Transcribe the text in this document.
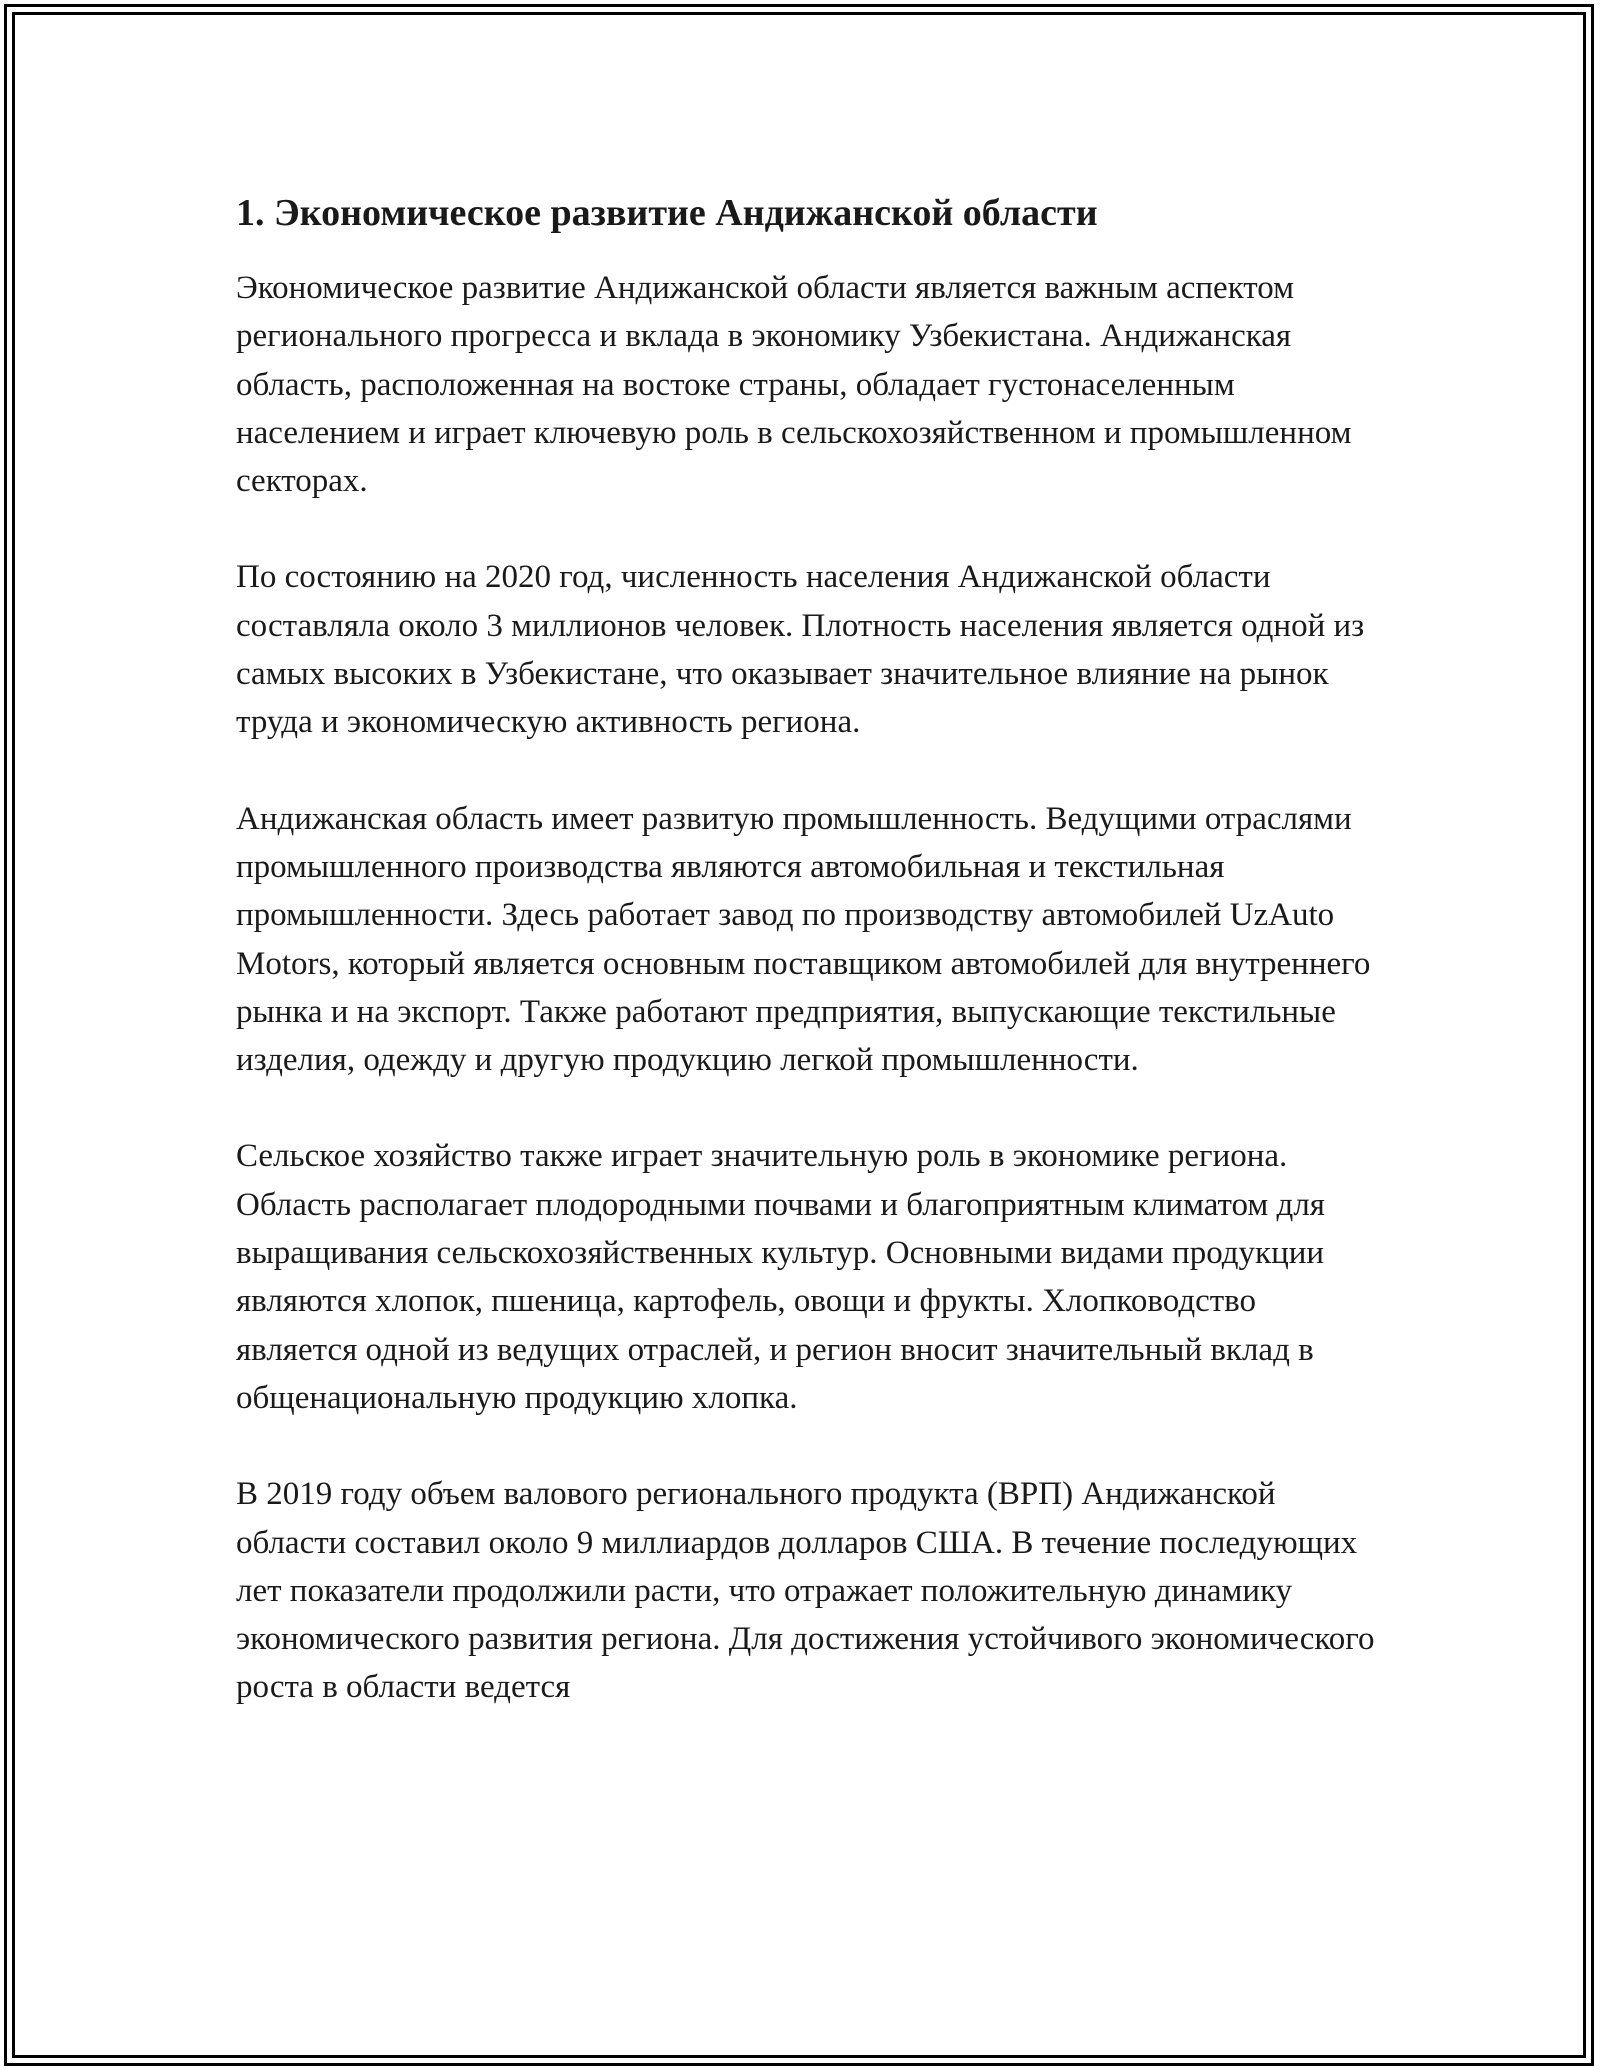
1. Экономическое развитие Андижанской области

Экономическое развитие Андижанской области является важным аспектом регионального прогресса и вклада в экономику Узбекистана. Андижанская область, расположенная на востоке страны, обладает густонаселенным населением и играет ключевую роль в сельскохозяйственном и промышленном секторах.

По состоянию на 2020 год, численность населения Андижанской области составляла около 3 миллионов человек. Плотность населения является одной из самых высоких в Узбекистане, что оказывает значительное влияние на рынок труда и экономическую активность региона.

Андижанская область имеет развитую промышленность. Ведущими отраслями промышленного производства являются автомобильная и текстильная промышленности. Здесь работает завод по производству автомобилей UzAuto Motors, который является основным поставщиком автомобилей для внутреннего рынка и на экспорт. Также работают предприятия, выпускающие текстильные изделия, одежду и другую продукцию легкой промышленности.

Сельское хозяйство также играет значительную роль в экономике региона. Область располагает плодородными почвами и благоприятным климатом для выращивания сельскохозяйственных культур. Основными видами продукции являются хлопок, пшеница, картофель, овощи и фрукты. Хлопководство является одной из ведущих отраслей, и регион вносит значительный вклад в общенациональную продукцию хлопка.

В 2019 году объем валового регионального продукта (ВРП) Андижанской области составил около 9 миллиардов долларов США. В течение последующих лет показатели продолжили расти, что отражает положительную динамику экономического развития региона. Для достижения устойчивого экономического роста в области ведется
